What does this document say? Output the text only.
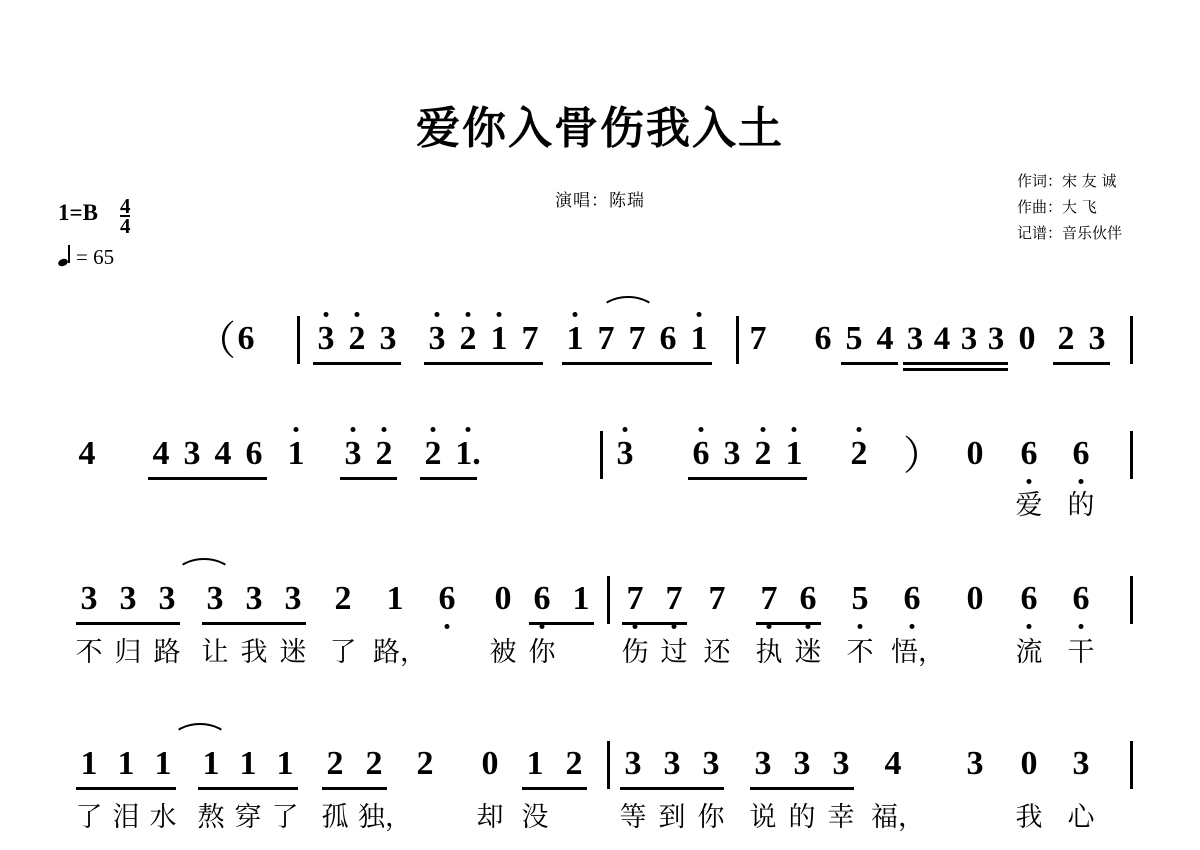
爱你入骨伤我入土
演唱：陈瑞
作词：宋 友 诚
作曲：大 飞
记谱：音乐伙伴
$1=B \frac{4}{4}$
= 65
（ 6 3 2 3 3 2 1 7 1 7 7 6 1 7 6 5 4 3 4 3 3 0 2 3
4 4 3 4 6 1 3 2 2 1.	3 6 3 2 1 2 ） 0 6 6
爱 的
3 3 3 3 3 3 2 1 6 0 6 1 7 7 7 7 6 5 6 0 6 6
不 归 路 让 我 迷 了 路， 被 你 伤 过 还 执 迷 不 悟，	流 干
1 1 1 1 1 1 2 2 2 0 1 2 3 3 3 3 3 3 4 3 0 3
了 泪 水 熬 穿 了 孤 独， 却 没	等 到 你 说 的 幸 福，	我 心
